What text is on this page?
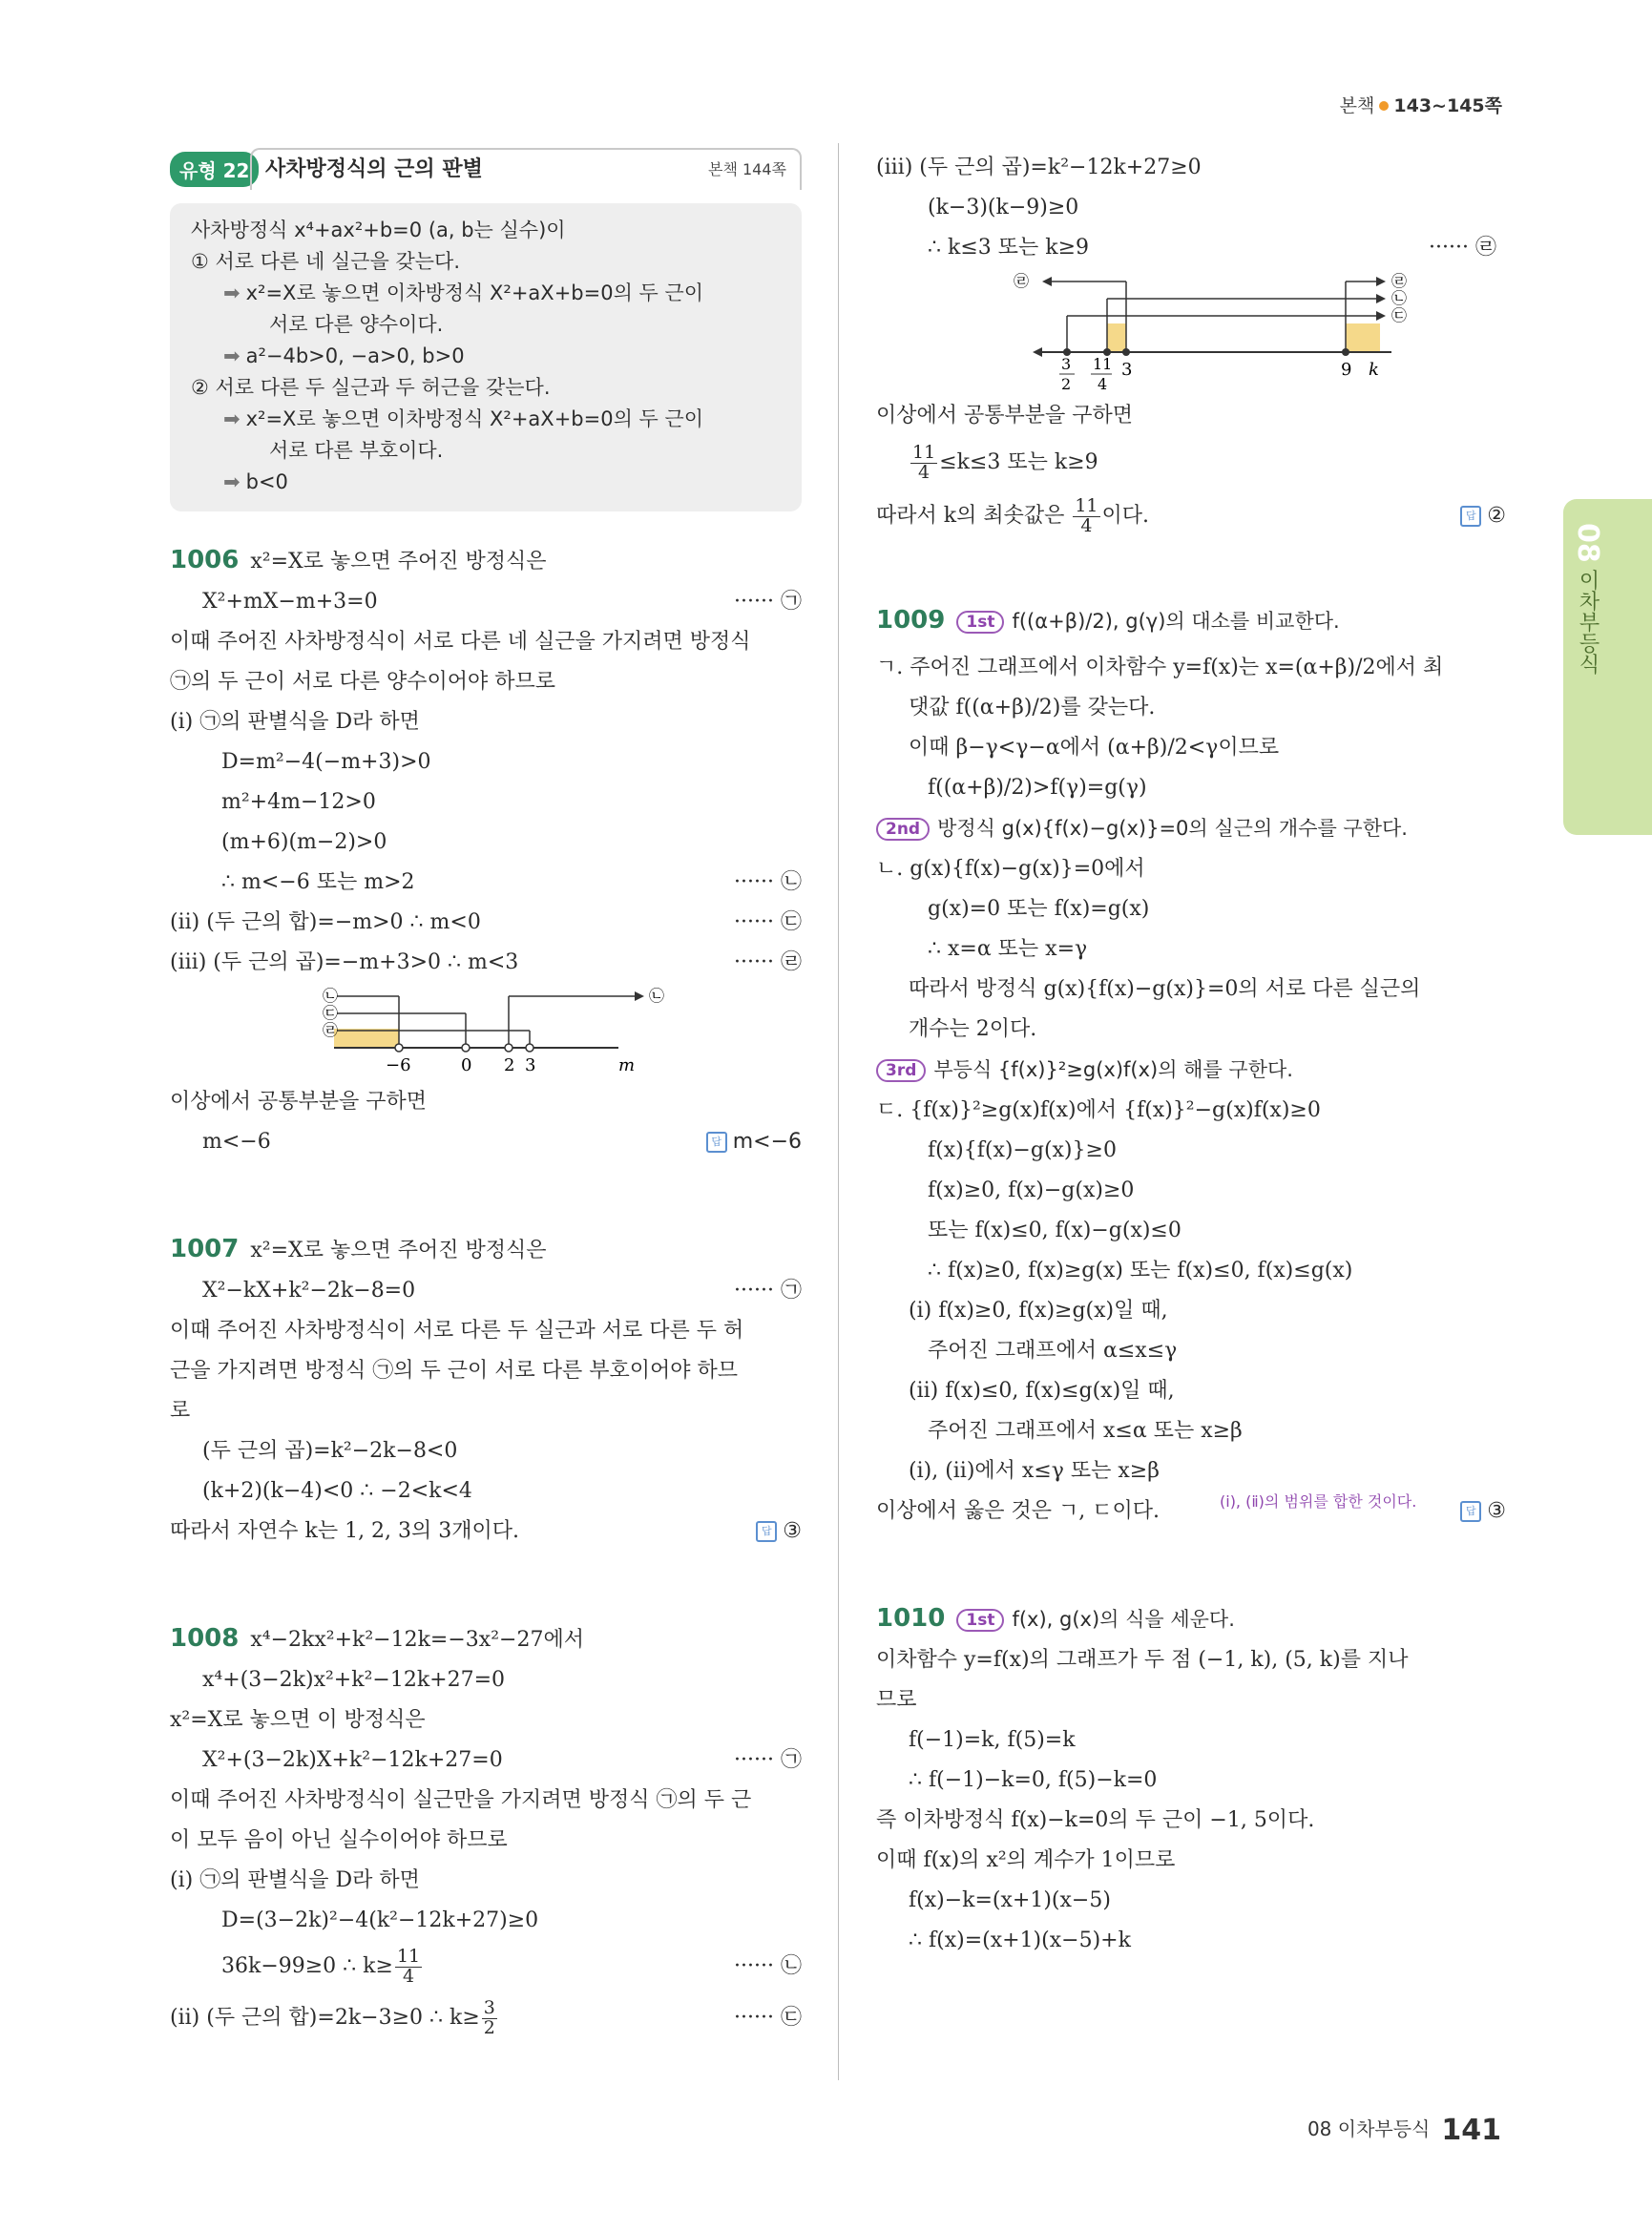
본책 143~145쪽
08 이차부등식
유형 22 사차방정식의 근의 판별	본책 144쪽
사차방정식 x⁴+ax²+b=0 (a, b는 실수)이
① 서로 다른 네 실근을 갖는다.
➡ x²=X로 놓으면 이차방정식 X²+aX+b=0의 두 근이
서로 다른 양수이다.
➡ a²−4b>0, −a>0, b>0
② 서로 다른 두 실근과 두 허근을 갖는다.
➡ x²=X로 놓으면 이차방정식 X²+aX+b=0의 두 근이
서로 다른 부호이다.
➡ b<0
1006 x²=X로 놓으면 주어진 방정식은
X²+mX−m+3=0	······ ㉠
이때 주어진 사차방정식이 서로 다른 네 실근을 가지려면 방정식
㉠의 두 근이 서로 다른 양수이어야 하므로
(ⅰ) ㉠의 판별식을 D라 하면
D=m²−4(−m+3)>0
m²+4m−12>0
(m+6)(m−2)>0
∴ m<−6 또는 m>2	······ ㉡
(ⅱ) (두 근의 합)=−m>0 ∴ m<0	······ ㉢
(ⅲ) (두 근의 곱)=−m+3>0 ∴ m<3	······ ㉣
㉡
㉢
㉣
㉡
−6	0 2 3	m
이상에서 공통부분을 구하면
m<−6	답 m<−6
1007 x²=X로 놓으면 주어진 방정식은
X²−kX+k²−2k−8=0	······ ㉠
이때 주어진 사차방정식이 서로 다른 두 실근과 서로 다른 두 허
근을 가지려면 방정식 ㉠의 두 근이 서로 다른 부호이어야 하므
로
(두 근의 곱)=k²−2k−8<0
(k+2)(k−4)<0 ∴ −2<k<4
따라서 자연수 k는 1, 2, 3의 3개이다.	답 ③
1008 x⁴−2kx²+k²−12k=−3x²−27에서
x⁴+(3−2k)x²+k²−12k+27=0
x²=X로 놓으면 이 방정식은
X²+(3−2k)X+k²−12k+27=0	······ ㉠
이때 주어진 사차방정식이 실근만을 가지려면 방정식 ㉠의 두 근
이 모두 음이 아닌 실수이어야 하므로
(ⅰ) ㉠의 판별식을 D라 하면
D=(3−2k)²−4(k²−12k+27)≥0
36k−99≥0 ∴ $k\ge \frac{11}{4}$	······ ㉡
(ⅱ) (두 근의 합)=2k−3≥0 ∴ $k\ge \frac{3}{2}$	······ ㉢
(ⅲ) (두 근의 곱)=k²−12k+27≥0
(k−3)(k−9)≥0
∴ k≤3 또는 k≥9	······ ㉣
㉣	㉣
㉡
㉢
3
2
11
4
3	9 k
이상에서 공통부분을 구하면
$\frac{11}{4} \le k\le 3$ 또는 k≥9
따라서 k의 최솟값은 $\frac{11}{4}$ 이다.	답 ②
1009 1st f((α+β)/2), g(γ)의 대소를 비교한다.
ㄱ. 주어진 그래프에서 이차함수 y=f(x)는 x=(α+β)/2에서 최
댓값 f((α+β)/2)를 갖는다.
이때 β−γ<γ−α에서 (α+β)/2<γ이므로
f((α+β)/2)>f(γ)=g(γ)
2nd 방정식 g(x){f(x)−g(x)}=0의 실근의 개수를 구한다.
ㄴ. g(x){f(x)−g(x)}=0에서
g(x)=0 또는 f(x)=g(x)
∴ x=α 또는 x=γ
따라서 방정식 g(x){f(x)−g(x)}=0의 서로 다른 실근의
개수는 2이다.
3rd 부등식 {f(x)}²≥g(x)f(x)의 해를 구한다.
ㄷ. {f(x)}²≥g(x)f(x)에서 {f(x)}²−g(x)f(x)≥0
f(x){f(x)−g(x)}≥0
f(x)≥0, f(x)−g(x)≥0
또는 f(x)≤0, f(x)−g(x)≤0
∴ f(x)≥0, f(x)≥g(x) 또는 f(x)≤0, f(x)≤g(x)
(ⅰ) f(x)≥0, f(x)≥g(x)일 때,
주어진 그래프에서 α≤x≤γ
(ⅱ) f(x)≤0, f(x)≤g(x)일 때,
주어진 그래프에서 x≤α 또는 x≥β
(ⅰ), (ⅱ)에서 x≤γ 또는 x≥β
이상에서 옳은 것은 ㄱ, ㄷ이다.	(ⅰ), (ⅱ)의 범위를 합한 것이다.
답 ③
1010 1st f(x), g(x)의 식을 세운다.
이차함수 y=f(x)의 그래프가 두 점 (−1, k), (5, k)를 지나
므로
f(−1)=k, f(5)=k
∴ f(−1)−k=0, f(5)−k=0
즉 이차방정식 f(x)−k=0의 두 근이 −1, 5이다.
이때 f(x)의 x²의 계수가 1이므로
f(x)−k=(x+1)(x−5)
∴ f(x)=(x+1)(x−5)+k
08 이차부등식 141
